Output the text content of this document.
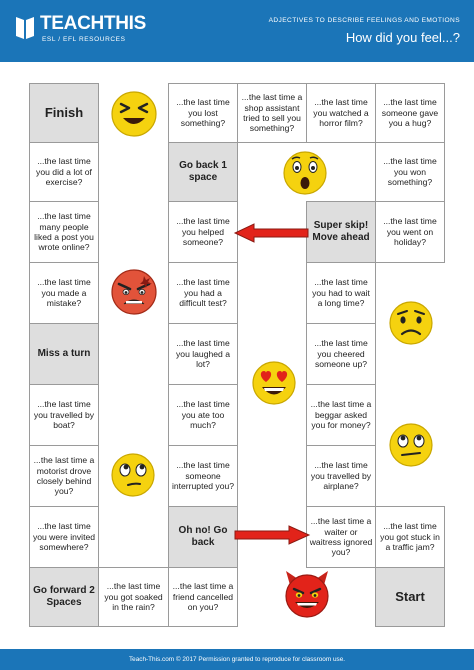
TEACHTHIS
ESL / EFL RESOURCES
ADJECTIVES TO DESCRIBE FEELINGS AND EMOTIONS
How did you feel...?
Finish
...the last time you lost something?
...the last time a shop assistant tried to sell you something?
...the last time you watched a horror film?
...the last time someone gave you a hug?
...the last time you did a lot of exercise?
Go back 1 space
...the last time you won something?
...the last time many people liked a post you wrote online?
...the last time you helped someone?
Super skip! Move ahead
...the last time you went on holiday?
...the last time you made a mistake?
...the last time you had a difficult test?
...the last time you had to wait a long time?
Miss a turn
...the last time you laughed a lot?
...the last time you cheered someone up?
...the last time you travelled by boat?
...the last time you ate too much?
...the last time a beggar asked you for money?
...the last time a motorist drove closely behind you?
...the last time someone interrupted you?
...the last time you travelled by airplane?
...the last time you were invited somewhere?
Oh no! Go back
...the last time a waiter or waitress ignored you?
...the last time you got stuck in a traffic jam?
Go forward 2 Spaces
...the last time you got soaked in the rain?
...the last time a friend cancelled on you?
Start
Teach-This.com © 2017 Permission granted to reproduce for classroom use.
